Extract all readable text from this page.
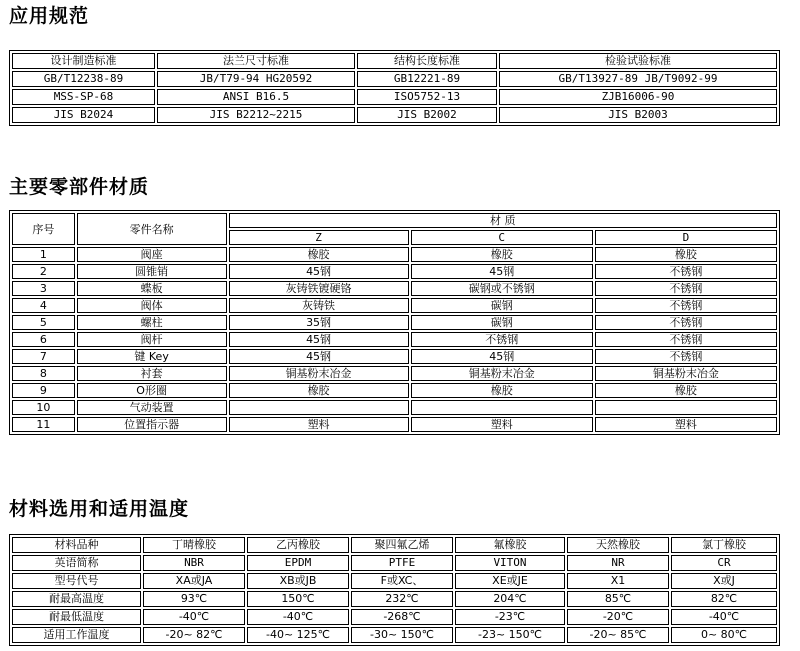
应用规范
设计制造标准	法兰尺寸标准	结构长度标准	检验试验标准
GB/T12238-89	JB/T79-94 HG20592	GB12221-89	GB/T13927-89 JB/T9092-99
MSS-SP-68	ANSI B16.5	ISO5752-13	ZJB16006-90
JIS B2024	JIS B2212~2215	JIS B2002	JIS B2003
主要零部件材质
序号	零件名称	材 质		
		Z	C	D
1	阀座	橡胶	橡胶	橡胶
2	圆锥销	45钢	45钢	不锈钢
3	蝶板	灰铸铁镀硬铬	碳钢或不锈钢	不锈钢
4	阀体	灰铸铁	碳钢	不锈钢
5	螺柱	35钢	碳钢	不锈钢
6	阀杆	45钢	不锈钢	不锈钢
7	键 Key	45钢	45钢	不锈钢
8	衬套	铜基粉末冶金	铜基粉末冶金	铜基粉末冶金
9	O形圈	橡胶	橡胶	橡胶
10	气动装置			
11	位置指示器	塑料	塑料	塑料
材料选用和适用温度
材料品种	丁晴橡胶	乙丙橡胶	聚四氟乙烯	氟橡胶	天然橡胶	氯丁橡胶
英语简称	NBR	EPDM	PTFE	VITON	NR	CR
型号代号	XA或JA	XB或JB	F或XC、	XE或JE	X1	X或J
耐最高温度	93℃	150℃	232℃	204℃	85℃	82℃
耐最低温度	-40℃	-40℃	-268℃	-23℃	-20℃	-40℃
适用工作温度	-20~ 82℃	-40~ 125℃	-30~ 150℃	-23~ 150℃	-20~ 85℃	0~ 80℃
